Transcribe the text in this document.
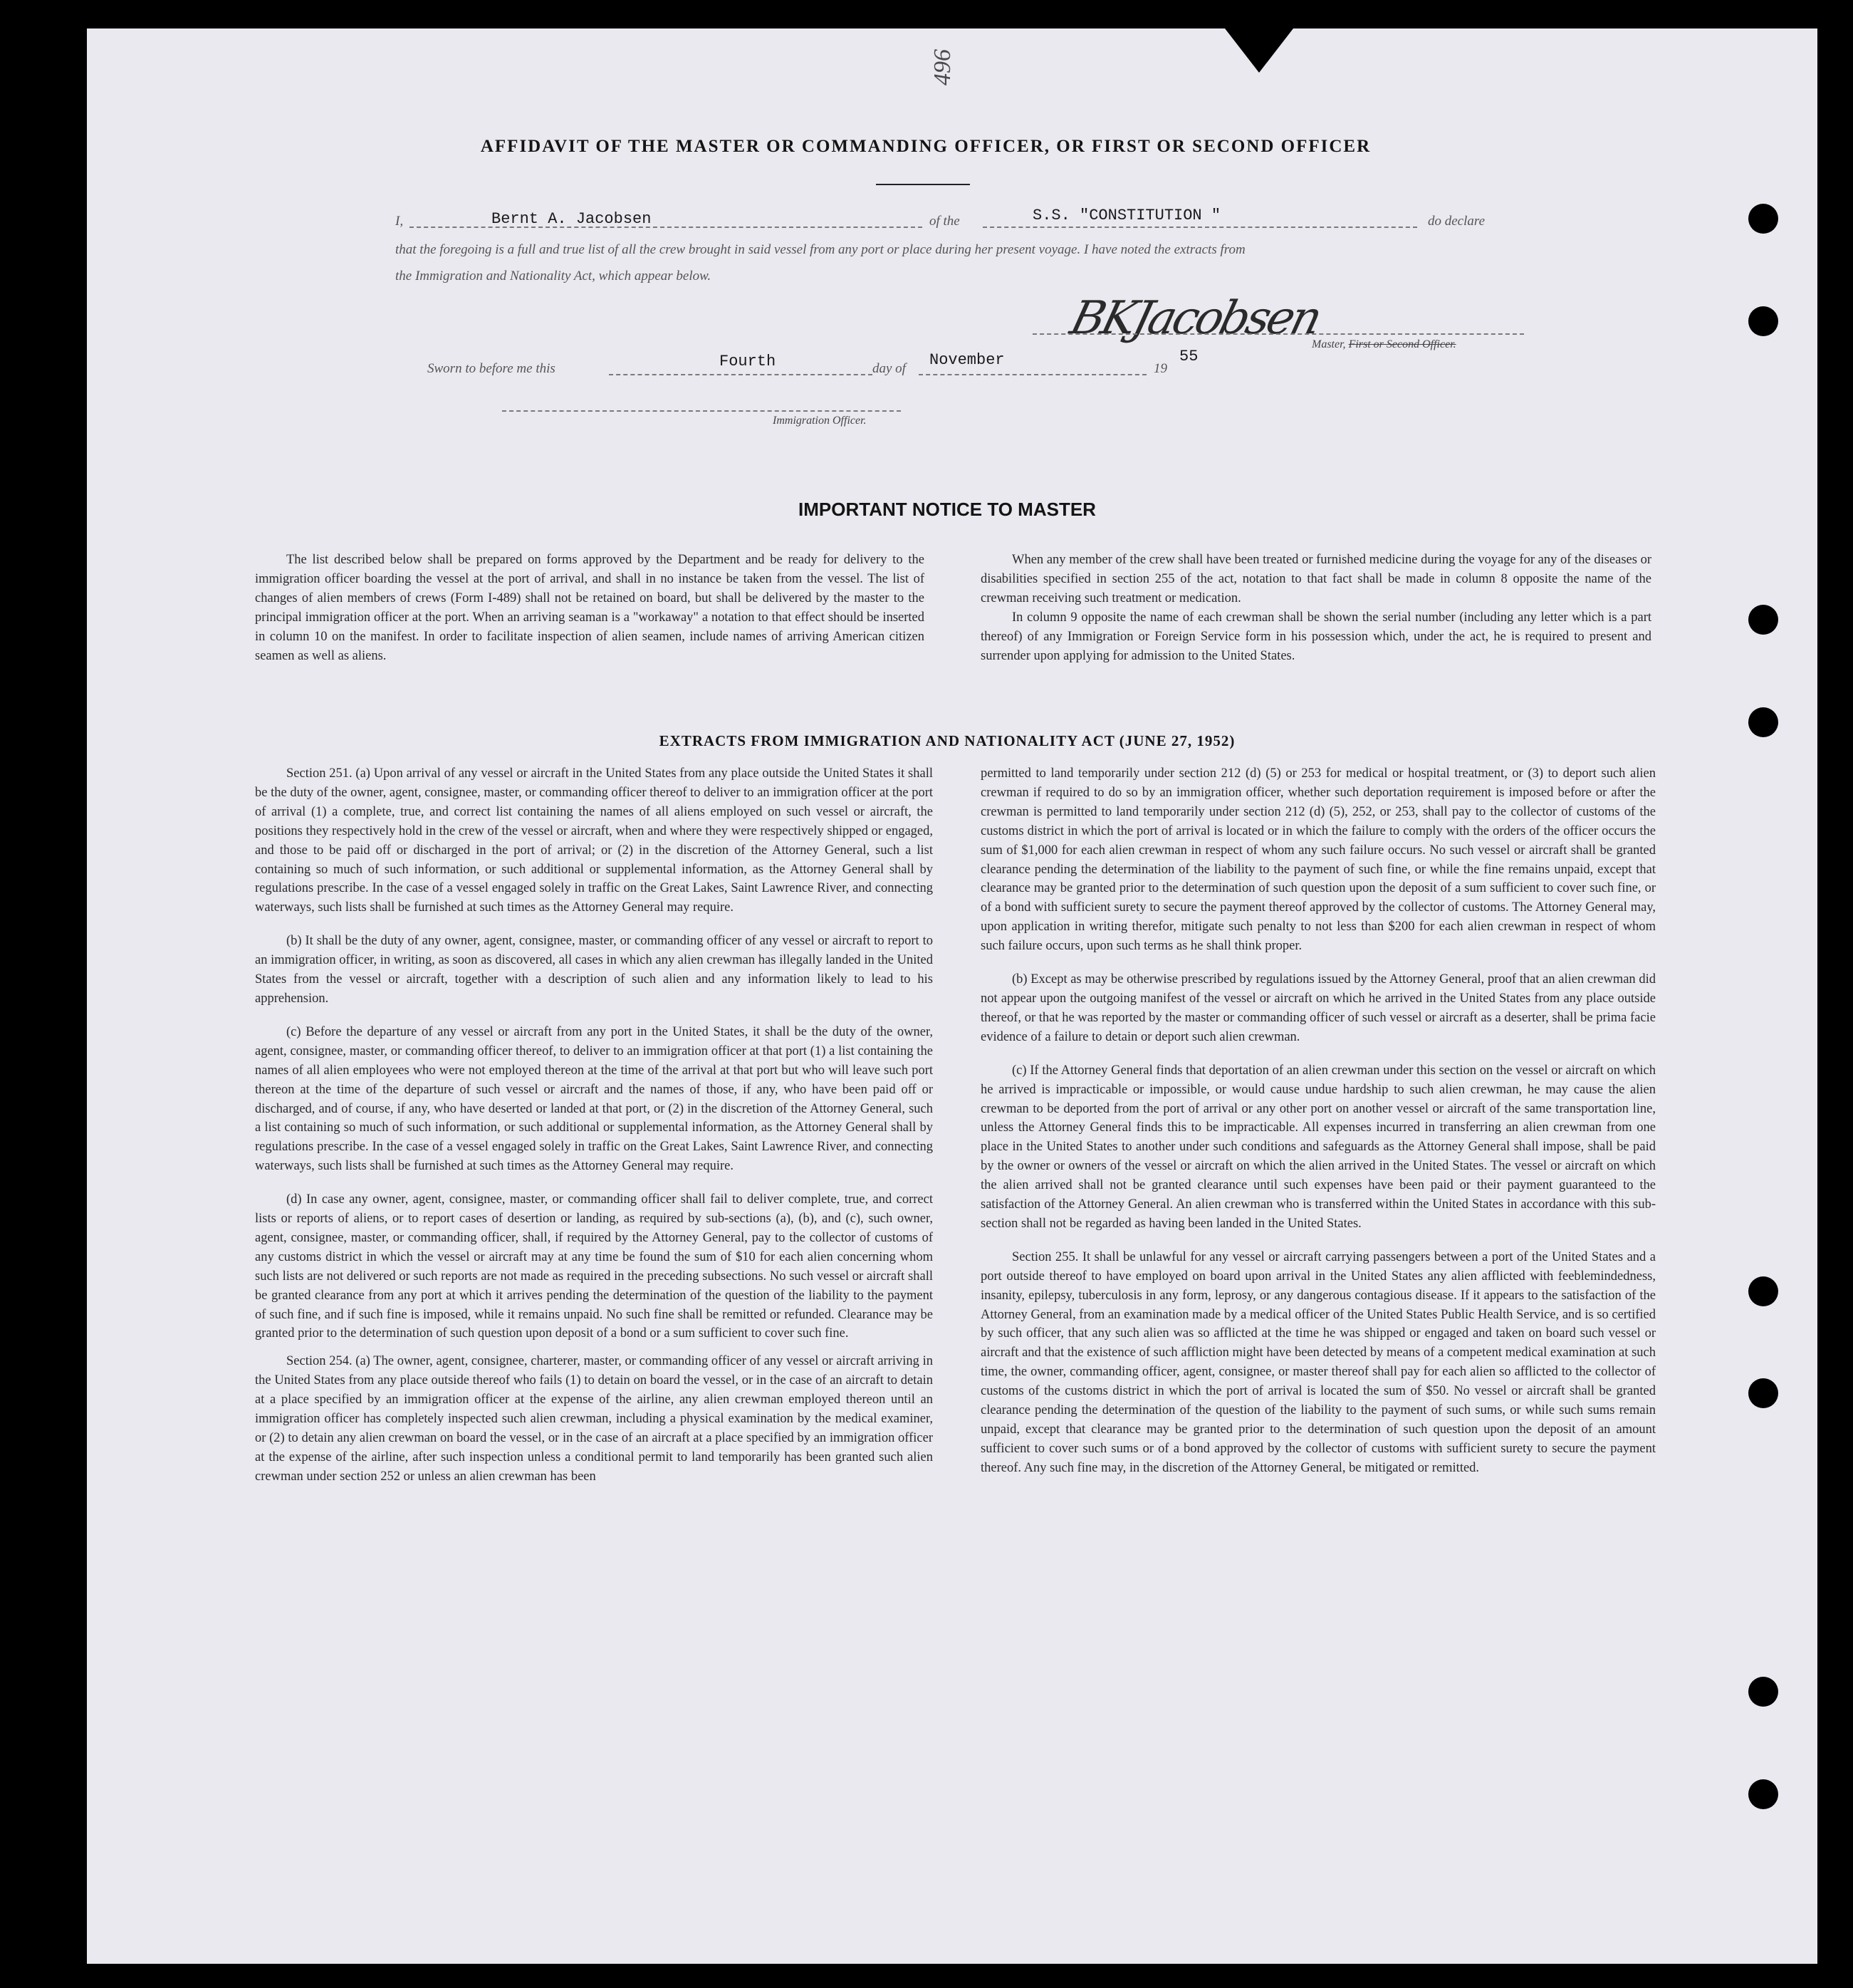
496
AFFIDAVIT OF THE MASTER OR COMMANDING OFFICER, OR FIRST OR SECOND OFFICER
I,	Bernt A. Jacobsen	of the	S.S. "CONSTITUTION "	do declare
that the foregoing is a full and true list of all the crew brought in said vessel from any port or place during her present voyage. I have noted the extracts from
the Immigration and Nationality Act, which appear below.
BKJacobsen
Master, First or Second Officer.
Sworn to before me this	Fourth	day of November	19
55
Immigration Officer.
IMPORTANT NOTICE TO MASTER

The list described below shall be prepared on forms approved by the Department and be ready for delivery to the immigration officer boarding the vessel at the port of arrival, and shall in no instance be taken from the vessel. The list of changes of alien members of crews (Form I-489) shall not be retained on board, but shall be delivered by the master to the principal immigration officer at the port. When an arriving seaman is a "workaway" a notation to that effect should be inserted in column 10 on the manifest. In order to facilitate inspection of alien seamen, include names of arriving American citizen seamen as well as aliens.

When any member of the crew shall have been treated or furnished medicine during the voyage for any of the diseases or disabilities specified in section 255 of the act, notation to that fact shall be made in column 8 opposite the name of the crewman receiving such treatment or medication.

In column 9 opposite the name of each crewman shall be shown the serial number (including any letter which is a part thereof) of any Immigration or Foreign Service form in his possession which, under the act, he is required to present and surrender upon applying for admission to the United States.

EXTRACTS FROM IMMIGRATION AND NATIONALITY ACT (JUNE 27, 1952)

Section 251. (a) Upon arrival of any vessel or aircraft in the United States from any place outside the United States it shall be the duty of the owner, agent, consignee, master, or commanding officer thereof to deliver to an immigration officer at the port of arrival (1) a complete, true, and correct list containing the names of all aliens employed on such vessel or aircraft, the positions they respectively hold in the crew of the vessel or aircraft, when and where they were respectively shipped or engaged, and those to be paid off or discharged in the port of arrival; or (2) in the discretion of the Attorney General, such a list containing so much of such information, or such additional or supplemental information, as the Attorney General shall by regulations prescribe. In the case of a vessel engaged solely in traffic on the Great Lakes, Saint Lawrence River, and connecting waterways, such lists shall be furnished at such times as the Attorney General may require.

(b) It shall be the duty of any owner, agent, consignee, master, or commanding officer of any vessel or aircraft to report to an immigration officer, in writing, as soon as discovered, all cases in which any alien crewman has illegally landed in the United States from the vessel or aircraft, together with a description of such alien and any information likely to lead to his apprehension.

(c) Before the departure of any vessel or aircraft from any port in the United States, it shall be the duty of the owner, agent, consignee, master, or commanding officer thereof, to deliver to an immigration officer at that port (1) a list containing the names of all alien employees who were not employed thereon at the time of the arrival at that port but who will leave such port thereon at the time of the departure of such vessel or aircraft and the names of those, if any, who have been paid off or discharged, and of course, if any, who have deserted or landed at that port, or (2) in the discretion of the Attorney General, such a list containing so much of such information, or such additional or supplemental information, as the Attorney General shall by regulations prescribe. In the case of a vessel engaged solely in traffic on the Great Lakes, Saint Lawrence River, and connecting waterways, such lists shall be furnished at such times as the Attorney General may require.

(d) In case any owner, agent, consignee, master, or commanding officer shall fail to deliver complete, true, and correct lists or reports of aliens, or to report cases of desertion or landing, as required by sub-sections (a), (b), and (c), such owner, agent, consignee, master, or commanding officer, shall, if required by the Attorney General, pay to the collector of customs of any customs district in which the vessel or aircraft may at any time be found the sum of $10 for each alien concerning whom such lists are not delivered or such reports are not made as required in the preceding subsections. No such vessel or aircraft shall be granted clearance from any port at which it arrives pending the determination of the question of the liability to the payment of such fine, and if such fine is imposed, while it remains unpaid. No such fine shall be remitted or refunded. Clearance may be granted prior to the determination of such question upon deposit of a bond or a sum sufficient to cover such fine.

Section 254. (a) The owner, agent, consignee, charterer, master, or commanding officer of any vessel or aircraft arriving in the United States from any place outside thereof who fails (1) to detain on board the vessel, or in the case of an aircraft to detain at a place specified by an immigration officer at the expense of the airline, any alien crewman employed thereon until an immigration officer has completely inspected such alien crewman, including a physical examination by the medical examiner, or (2) to detain any alien crewman on board the vessel, or in the case of an aircraft at a place specified by an immigration officer at the expense of the airline, after such inspection unless a conditional permit to land temporarily has been granted such alien crewman under section 252 or unless an alien crewman has been

permitted to land temporarily under section 212 (d) (5) or 253 for medical or hospital treatment, or (3) to deport such alien crewman if required to do so by an immigration officer, whether such deportation requirement is imposed before or after the crewman is permitted to land temporarily under section 212 (d) (5), 252, or 253, shall pay to the collector of customs of the customs district in which the port of arrival is located or in which the failure to comply with the orders of the officer occurs the sum of $1,000 for each alien crewman in respect of whom any such failure occurs. No such vessel or aircraft shall be granted clearance pending the determination of the liability to the payment of such fine, or while the fine remains unpaid, except that clearance may be granted prior to the determination of such question upon the deposit of a sum sufficient to cover such fine, or of a bond with sufficient surety to secure the payment thereof approved by the collector of customs. The Attorney General may, upon application in writing therefor, mitigate such penalty to not less than $200 for each alien crewman in respect of whom such failure occurs, upon such terms as he shall think proper.

(b) Except as may be otherwise prescribed by regulations issued by the Attorney General, proof that an alien crewman did not appear upon the outgoing manifest of the vessel or aircraft on which he arrived in the United States from any place outside thereof, or that he was reported by the master or commanding officer of such vessel or aircraft as a deserter, shall be prima facie evidence of a failure to detain or deport such alien crewman.

(c) If the Attorney General finds that deportation of an alien crewman under this section on the vessel or aircraft on which he arrived is impracticable or impossible, or would cause undue hardship to such alien crewman, he may cause the alien crewman to be deported from the port of arrival or any other port on another vessel or aircraft of the same transportation line, unless the Attorney General finds this to be impracticable. All expenses incurred in transferring an alien crewman from one place in the United States to another under such conditions and safeguards as the Attorney General shall impose, shall be paid by the owner or owners of the vessel or aircraft on which the alien arrived in the United States. The vessel or aircraft on which the alien arrived shall not be granted clearance until such expenses have been paid or their payment guaranteed to the satisfaction of the Attorney General. An alien crewman who is transferred within the United States in accordance with this sub-section shall not be regarded as having been landed in the United States.

Section 255. It shall be unlawful for any vessel or aircraft carrying passengers between a port of the United States and a port outside thereof to have employed on board upon arrival in the United States any alien afflicted with feeblemindedness, insanity, epilepsy, tuberculosis in any form, leprosy, or any dangerous contagious disease. If it appears to the satisfaction of the Attorney General, from an examination made by a medical officer of the United States Public Health Service, and is so certified by such officer, that any such alien was so afflicted at the time he was shipped or engaged and taken on board such vessel or aircraft and that the existence of such affliction might have been detected by means of a competent medical examination at such time, the owner, commanding officer, agent, consignee, or master thereof shall pay for each alien so afflicted to the collector of customs of the customs district in which the port of arrival is located the sum of $50. No vessel or aircraft shall be granted clearance pending the determination of the question of the liability to the payment of such sums, or while such sums remain unpaid, except that clearance may be granted prior to the determination of such question upon the deposit of an amount sufficient to cover such sums or of a bond approved by the collector of customs with sufficient surety to secure the payment thereof. Any such fine may, in the discretion of the Attorney General, be mitigated or remitted.
